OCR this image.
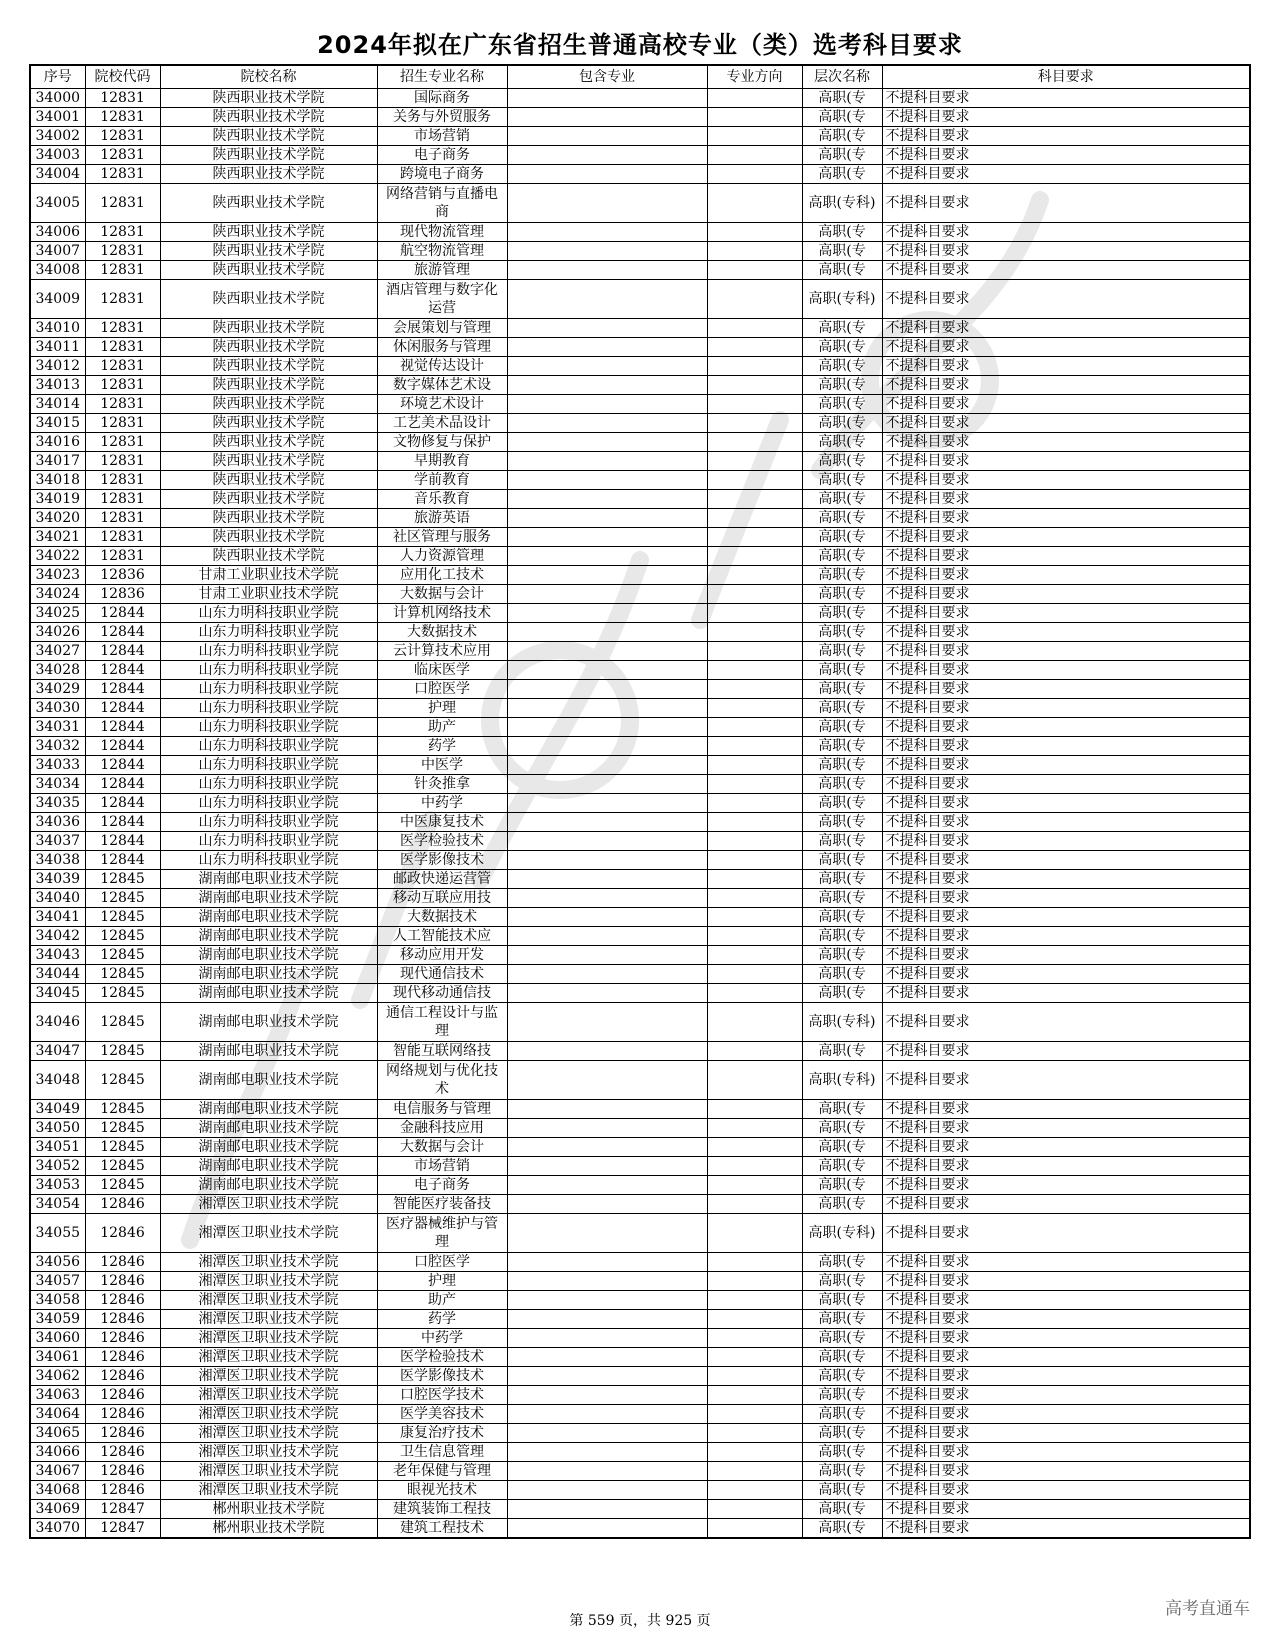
2024年拟在广东省招生普通高校专业（类）选考科目要求
序号	院校代码	院校名称	招生专业名称	包含专业	专业方向	层次名称	科目要求
34000	12831	陕西职业技术学院	国际商务			高职(专	不提科目要求
34001	12831	陕西职业技术学院	关务与外贸服务			高职(专	不提科目要求
34002	12831	陕西职业技术学院	市场营销			高职(专	不提科目要求
34003	12831	陕西职业技术学院	电子商务			高职(专	不提科目要求
34004	12831	陕西职业技术学院	跨境电子商务			高职(专	不提科目要求
34005	12831	陕西职业技术学院	网络营销与直播电商			高职(专科)	不提科目要求
34006	12831	陕西职业技术学院	现代物流管理			高职(专	不提科目要求
34007	12831	陕西职业技术学院	航空物流管理			高职(专	不提科目要求
34008	12831	陕西职业技术学院	旅游管理			高职(专	不提科目要求
34009	12831	陕西职业技术学院	酒店管理与数字化运营			高职(专科)	不提科目要求
34010	12831	陕西职业技术学院	会展策划与管理			高职(专	不提科目要求
34011	12831	陕西职业技术学院	休闲服务与管理			高职(专	不提科目要求
34012	12831	陕西职业技术学院	视觉传达设计			高职(专	不提科目要求
34013	12831	陕西职业技术学院	数字媒体艺术设			高职(专	不提科目要求
34014	12831	陕西职业技术学院	环境艺术设计			高职(专	不提科目要求
34015	12831	陕西职业技术学院	工艺美术品设计			高职(专	不提科目要求
34016	12831	陕西职业技术学院	文物修复与保护			高职(专	不提科目要求
34017	12831	陕西职业技术学院	早期教育			高职(专	不提科目要求
34018	12831	陕西职业技术学院	学前教育			高职(专	不提科目要求
34019	12831	陕西职业技术学院	音乐教育			高职(专	不提科目要求
34020	12831	陕西职业技术学院	旅游英语			高职(专	不提科目要求
34021	12831	陕西职业技术学院	社区管理与服务			高职(专	不提科目要求
34022	12831	陕西职业技术学院	人力资源管理			高职(专	不提科目要求
34023	12836	甘肃工业职业技术学院	应用化工技术			高职(专	不提科目要求
34024	12836	甘肃工业职业技术学院	大数据与会计			高职(专	不提科目要求
34025	12844	山东力明科技职业学院	计算机网络技术			高职(专	不提科目要求
34026	12844	山东力明科技职业学院	大数据技术			高职(专	不提科目要求
34027	12844	山东力明科技职业学院	云计算技术应用			高职(专	不提科目要求
34028	12844	山东力明科技职业学院	临床医学			高职(专	不提科目要求
34029	12844	山东力明科技职业学院	口腔医学			高职(专	不提科目要求
34030	12844	山东力明科技职业学院	护理			高职(专	不提科目要求
34031	12844	山东力明科技职业学院	助产			高职(专	不提科目要求
34032	12844	山东力明科技职业学院	药学			高职(专	不提科目要求
34033	12844	山东力明科技职业学院	中医学			高职(专	不提科目要求
34034	12844	山东力明科技职业学院	针灸推拿			高职(专	不提科目要求
34035	12844	山东力明科技职业学院	中药学			高职(专	不提科目要求
34036	12844	山东力明科技职业学院	中医康复技术			高职(专	不提科目要求
34037	12844	山东力明科技职业学院	医学检验技术			高职(专	不提科目要求
34038	12844	山东力明科技职业学院	医学影像技术			高职(专	不提科目要求
34039	12845	湖南邮电职业技术学院	邮政快递运营管			高职(专	不提科目要求
34040	12845	湖南邮电职业技术学院	移动互联应用技			高职(专	不提科目要求
34041	12845	湖南邮电职业技术学院	大数据技术			高职(专	不提科目要求
34042	12845	湖南邮电职业技术学院	人工智能技术应			高职(专	不提科目要求
34043	12845	湖南邮电职业技术学院	移动应用开发			高职(专	不提科目要求
34044	12845	湖南邮电职业技术学院	现代通信技术			高职(专	不提科目要求
34045	12845	湖南邮电职业技术学院	现代移动通信技			高职(专	不提科目要求
34046	12845	湖南邮电职业技术学院	通信工程设计与监理			高职(专科)	不提科目要求
34047	12845	湖南邮电职业技术学院	智能互联网络技			高职(专	不提科目要求
34048	12845	湖南邮电职业技术学院	网络规划与优化技术			高职(专科)	不提科目要求
34049	12845	湖南邮电职业技术学院	电信服务与管理			高职(专	不提科目要求
34050	12845	湖南邮电职业技术学院	金融科技应用			高职(专	不提科目要求
34051	12845	湖南邮电职业技术学院	大数据与会计			高职(专	不提科目要求
34052	12845	湖南邮电职业技术学院	市场营销			高职(专	不提科目要求
34053	12845	湖南邮电职业技术学院	电子商务			高职(专	不提科目要求
34054	12846	湘潭医卫职业技术学院	智能医疗装备技			高职(专	不提科目要求
34055	12846	湘潭医卫职业技术学院	医疗器械维护与管理			高职(专科)	不提科目要求
34056	12846	湘潭医卫职业技术学院	口腔医学			高职(专	不提科目要求
34057	12846	湘潭医卫职业技术学院	护理			高职(专	不提科目要求
34058	12846	湘潭医卫职业技术学院	助产			高职(专	不提科目要求
34059	12846	湘潭医卫职业技术学院	药学			高职(专	不提科目要求
34060	12846	湘潭医卫职业技术学院	中药学			高职(专	不提科目要求
34061	12846	湘潭医卫职业技术学院	医学检验技术			高职(专	不提科目要求
34062	12846	湘潭医卫职业技术学院	医学影像技术			高职(专	不提科目要求
34063	12846	湘潭医卫职业技术学院	口腔医学技术			高职(专	不提科目要求
34064	12846	湘潭医卫职业技术学院	医学美容技术			高职(专	不提科目要求
34065	12846	湘潭医卫职业技术学院	康复治疗技术			高职(专	不提科目要求
34066	12846	湘潭医卫职业技术学院	卫生信息管理			高职(专	不提科目要求
34067	12846	湘潭医卫职业技术学院	老年保健与管理			高职(专	不提科目要求
34068	12846	湘潭医卫职业技术学院	眼视光技术			高职(专	不提科目要求
34069	12847	郴州职业技术学院	建筑装饰工程技			高职(专	不提科目要求
34070	12847	郴州职业技术学院	建筑工程技术			高职(专	不提科目要求
第 559 页，共 925 页
高考直通车
